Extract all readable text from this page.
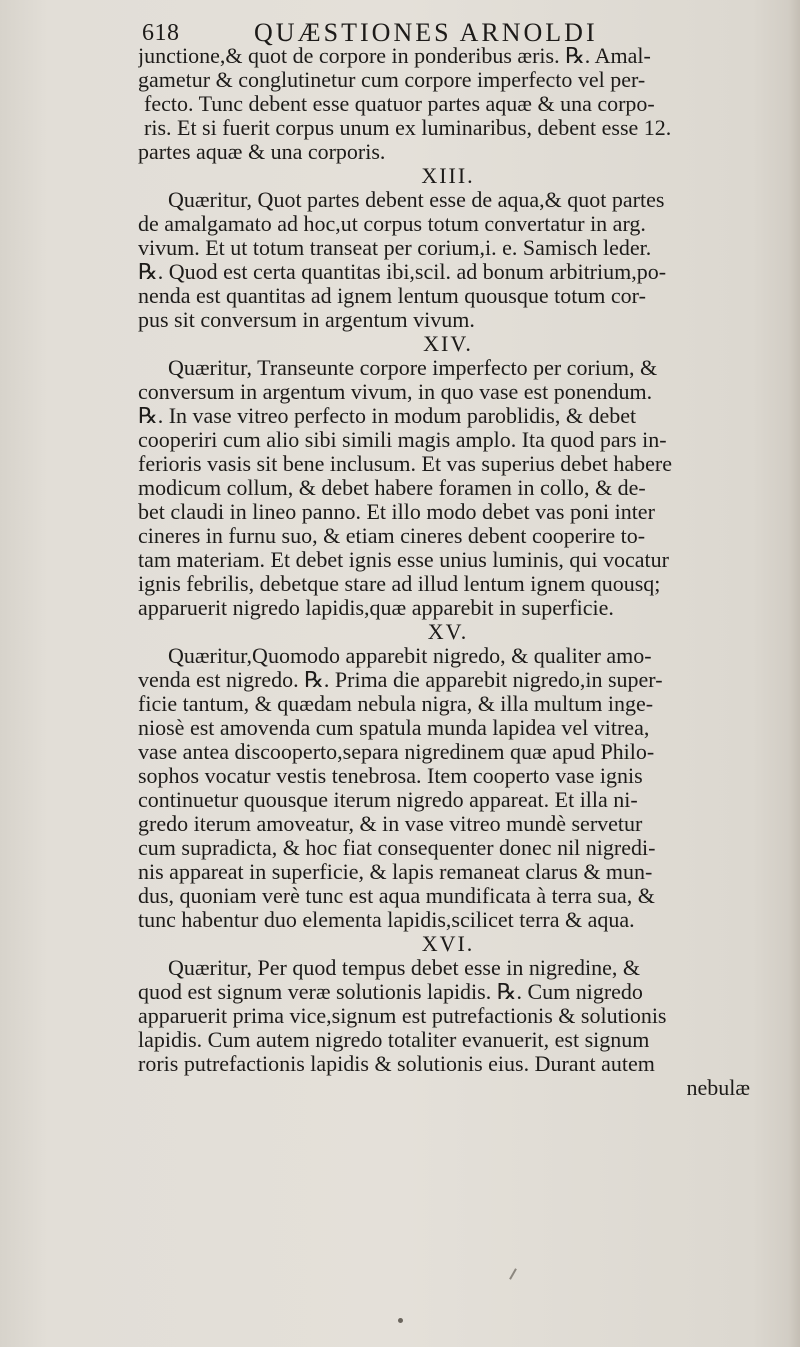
618	QUÆSTIONES ARNOLDI
junctione,& quot de corpore in ponderibus æris. ℞. Amal-
gametur & conglutinetur cum corpore imperfecto vel per-
fecto. Tunc debent esse quatuor partes aquæ & una corpo-
ris. Et si fuerit corpus unum ex luminaribus, debent esse 12.
partes aquæ & una corporis.
XIII.
Quæritur, Quot partes debent esse de aqua,& quot partes
de amalgamato ad hoc,ut corpus totum convertatur in arg.
vivum. Et ut totum transeat per corium,i. e. Samisch leder.
℞. Quod est certa quantitas ibi,scil. ad bonum arbitrium,po-
nenda est quantitas ad ignem lentum quousque totum cor-
pus sit conversum in argentum vivum.
XIV.
Quæritur, Transeunte corpore imperfecto per corium, &
conversum in argentum vivum, in quo vase est ponendum.
℞. In vase vitreo perfecto in modum paroblidis, & debet
cooperiri cum alio sibi simili magis amplo. Ita quod pars in-
ferioris vasis sit bene inclusum. Et vas superius debet habere
modicum collum, & debet habere foramen in collo, & de-
bet claudi in lineo panno. Et illo modo debet vas poni inter
cineres in furnu suo, & etiam cineres debent cooperire to-
tam materiam. Et debet ignis esse unius luminis, qui vocatur
ignis febrilis, debetque stare ad illud lentum ignem quousq;
apparuerit nigredo lapidis,quæ apparebit in superficie.
XV.
Quæritur,Quomodo apparebit nigredo, & qualiter amo-
venda est nigredo. ℞. Prima die apparebit nigredo,in super-
ficie tantum, & quædam nebula nigra, & illa multum inge-
niosè est amovenda cum spatula munda lapidea vel vitrea,
vase antea discooperto,separa nigredinem quæ apud Philo-
sophos vocatur vestis tenebrosa. Item cooperto vase ignis
continuetur quousque iterum nigredo appareat. Et illa ni-
gredo iterum amoveatur, & in vase vitreo mundè servetur
cum supradicta, & hoc fiat consequenter donec nil nigredi-
nis appareat in superficie, & lapis remaneat clarus & mun-
dus, quoniam verè tunc est aqua mundificata à terra sua, &
tunc habentur duo elementa lapidis,scilicet terra & aqua.
XVI.
Quæritur, Per quod tempus debet esse in nigredine, &
quod est signum veræ solutionis lapidis. ℞. Cum nigredo
apparuerit prima vice,signum est putrefactionis & solutionis
lapidis. Cum autem nigredo totaliter evanuerit, est signum
roris putrefactionis lapidis & solutionis eius. Durant autem
nebulæ
